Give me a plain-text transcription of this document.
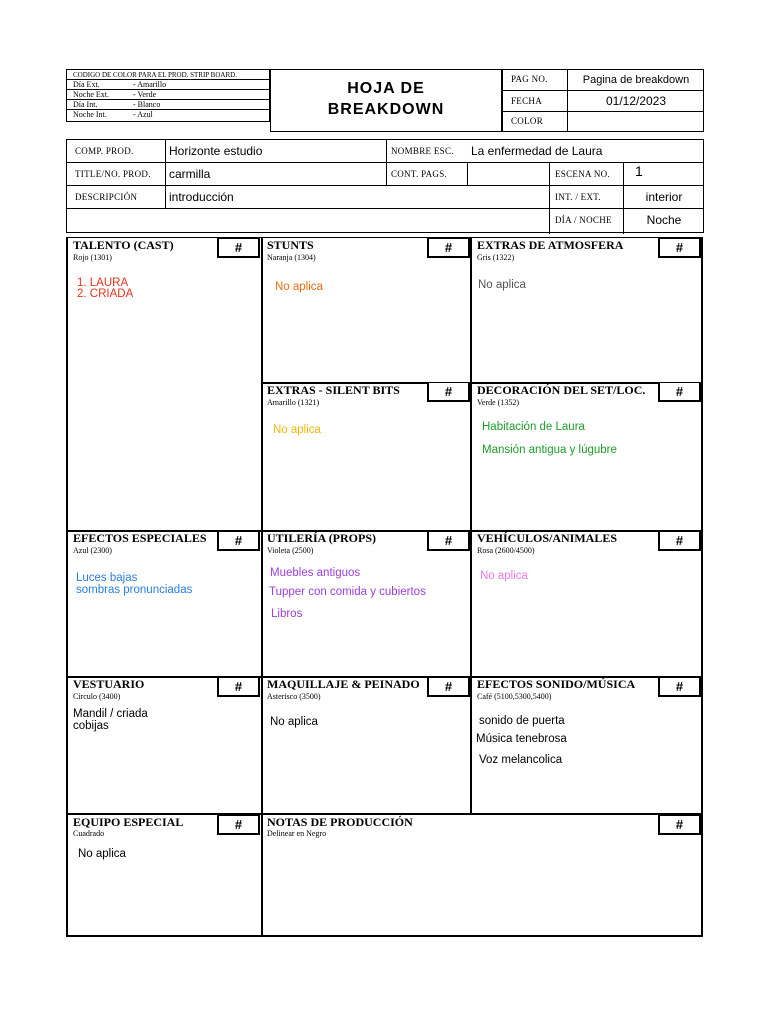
CODIGO DE COLOR PARA EL PROD. STRIP BOARD.
Día Ext.	- Amarillo
Noche Ext.	- Verde
Día Int.	- Blanco
Noche Int.	- Azul
HOJA DE
BREAKDOWN
PAG NO.	Pagina de breakdown
FECHA	01/12/2023
COLOR
COMP. PROD.	Horizonte estudio	NOMBRE ESC. La enfermedad de Laura
TITLE/NO. PROD. carmilla	CONT. PAGS.	ESCENA NO. 1
DESCRIPCIÓN	introducción	INT. / EXT.	interior
DÍA / NOCHE	Noche
TALENTO (CAST)
Rojo (1301)
#
1. LAURA
2. CRIADA
STUNTS
Naranja (1304)
#
No aplica
EXTRAS DE ATMOSFERA
Gris (1322)
#
No aplica
EXTRAS - SILENT BITS
Amarillo (1321)
#
No aplica
DECORACIÓN DEL SET/LOC.
Verde (1352)
#
Habitación de Laura
Mansión antigua y lúgubre
EFECTOS ESPECIALES
Azul (2300)
#
Luces bajas
sombras pronunciadas
UTILERÍA (PROPS)
Violeta (2500)
#
Muebles antiguos
Tupper con comida y cubiertos
Libros
VEHÍCULOS/ANIMALES
Rosa (2600/4500)
#
No aplica
VESTUARIO
Circulo (3400)
#
Mandil / criada
cobijas
MAQUILLAJE & PEINADO
Asterisco (3500)
#
No aplica
EFECTOS SONIDO/MÚSICA
Café (5100,5300,5400)
#
sonido de puerta
Música tenebrosa
Voz melancolica
EQUIPO ESPECIAL
Cuadrado
#
No aplica
NOTAS DE PRODUCCIÓN
Delinear en Negro
#
